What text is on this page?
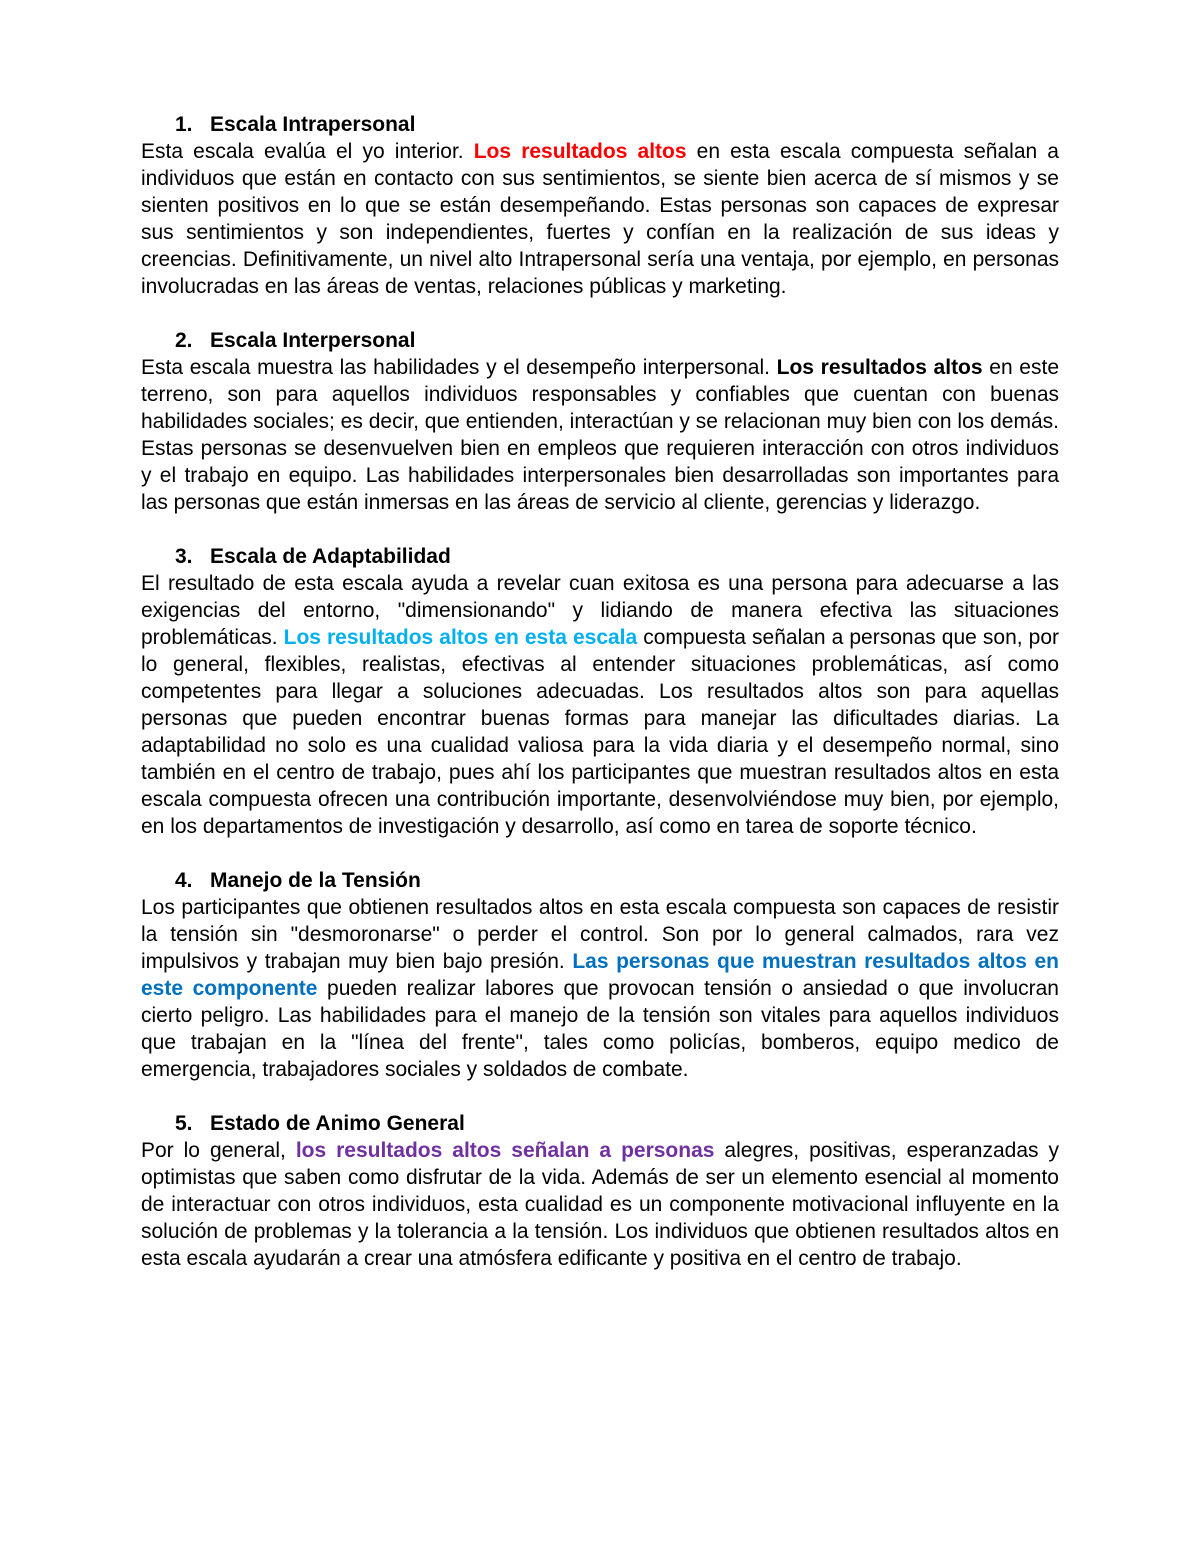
1. Escala Intrapersonal

Esta escala evalúa el yo interior. Los resultados altos en esta escala compuesta señalan a individuos que están en contacto con sus sentimientos, se siente bien acerca de sí mismos y se sienten positivos en lo que se están desempeñando. Estas personas son capaces de expresar sus sentimientos y son independientes, fuertes y confían en la realización de sus ideas y creencias. Definitivamente, un nivel alto Intrapersonal sería una ventaja, por ejemplo, en personas involucradas en las áreas de ventas, relaciones públicas y marketing.

2. Escala Interpersonal

Esta escala muestra las habilidades y el desempeño interpersonal. Los resultados altos en este terreno, son para aquellos individuos responsables y confiables que cuentan con buenas habilidades sociales; es decir, que entienden, interactúan y se relacionan muy bien con los demás. Estas personas se desenvuelven bien en empleos que requieren interacción con otros individuos y el trabajo en equipo. Las habilidades interpersonales bien desarrolladas son importantes para las personas que están inmersas en las áreas de servicio al cliente, gerencias y liderazgo.

3. Escala de Adaptabilidad

El resultado de esta escala ayuda a revelar cuan exitosa es una persona para adecuarse a las exigencias del entorno, "dimensionando" y lidiando de manera efectiva las situaciones problemáticas. Los resultados altos en esta escala compuesta señalan a personas que son, por lo general, flexibles, realistas, efectivas al entender situaciones problemáticas, así como competentes para llegar a soluciones adecuadas. Los resultados altos son para aquellas personas que pueden encontrar buenas formas para manejar las dificultades diarias. La adaptabilidad no solo es una cualidad valiosa para la vida diaria y el desempeño normal, sino también en el centro de trabajo, pues ahí los participantes que muestran resultados altos en esta escala compuesta ofrecen una contribución importante, desenvolviéndose muy bien, por ejemplo, en los departamentos de investigación y desarrollo, así como en tarea de soporte técnico.

4. Manejo de la Tensión

Los participantes que obtienen resultados altos en esta escala compuesta son capaces de resistir la tensión sin "desmoronarse" o perder el control. Son por lo general calmados, rara vez impulsivos y trabajan muy bien bajo presión. Las personas que muestran resultados altos en este componente pueden realizar labores que provocan tensión o ansiedad o que involucran cierto peligro. Las habilidades para el manejo de la tensión son vitales para aquellos individuos que trabajan en la "línea del frente", tales como policías, bomberos, equipo medico de emergencia, trabajadores sociales y soldados de combate.

5. Estado de Animo General

Por lo general, los resultados altos señalan a personas alegres, positivas, esperanzadas y optimistas que saben como disfrutar de la vida. Además de ser un elemento esencial al momento de interactuar con otros individuos, esta cualidad es un componente motivacional influyente en la solución de problemas y la tolerancia a la tensión. Los individuos que obtienen resultados altos en esta escala ayudarán a crear una atmósfera edificante y positiva en el centro de trabajo.
